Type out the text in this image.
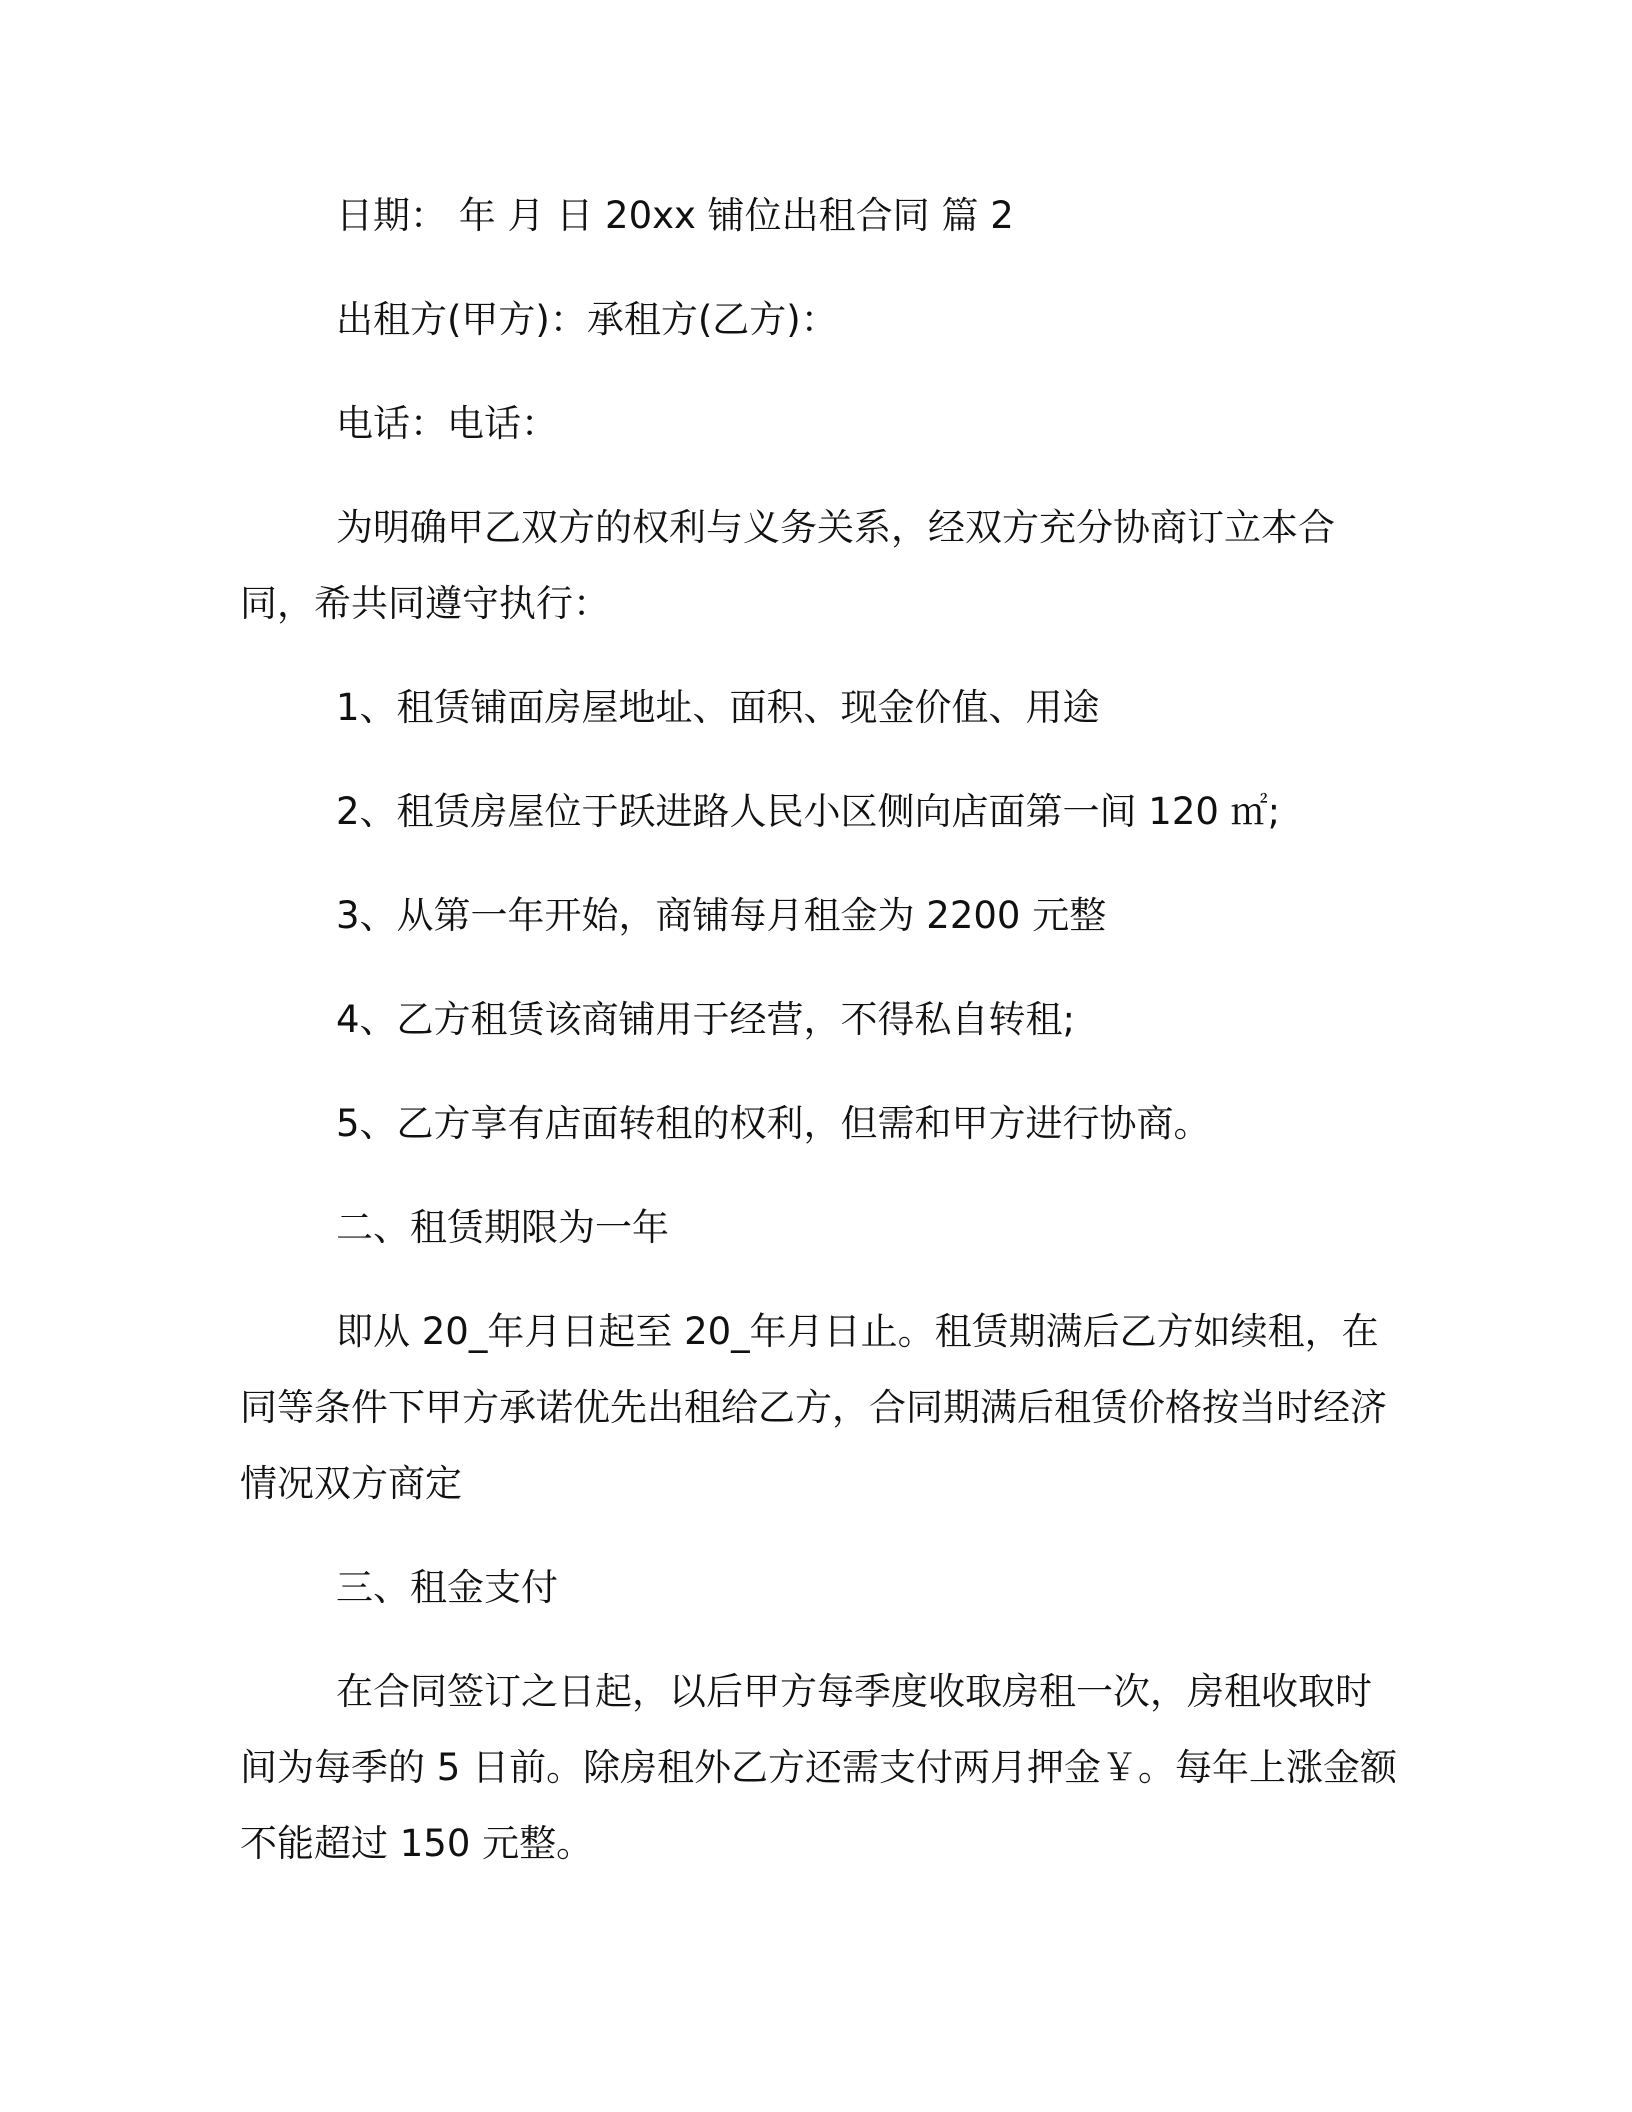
日期： 年 月 日 20xx 铺位出租合同 篇 2

出租方(甲方)：承租方(乙方)：

电话：电话：

为明确甲乙双方的权利与义务关系，经双方充分协商订立本合同，希共同遵守执行：

1、租赁铺面房屋地址、面积、现金价值、用途

2、租赁房屋位于跃进路人民小区侧向店面第一间 120 ㎡;

3、从第一年开始，商铺每月租金为 2200 元整

4、乙方租赁该商铺用于经营，不得私自转租;

5、乙方享有店面转租的权利，但需和甲方进行协商。

二、租赁期限为一年

即从 20_年月日起至 20_年月日止。租赁期满后乙方如续租，在同等条件下甲方承诺优先出租给乙方，合同期满后租赁价格按当时经济情况双方商定

三、租金支付

在合同签订之日起，以后甲方每季度收取房租一次，房租收取时间为每季的 5 日前。除房租外乙方还需支付两月押金￥。每年上涨金额不能超过 150 元整。
